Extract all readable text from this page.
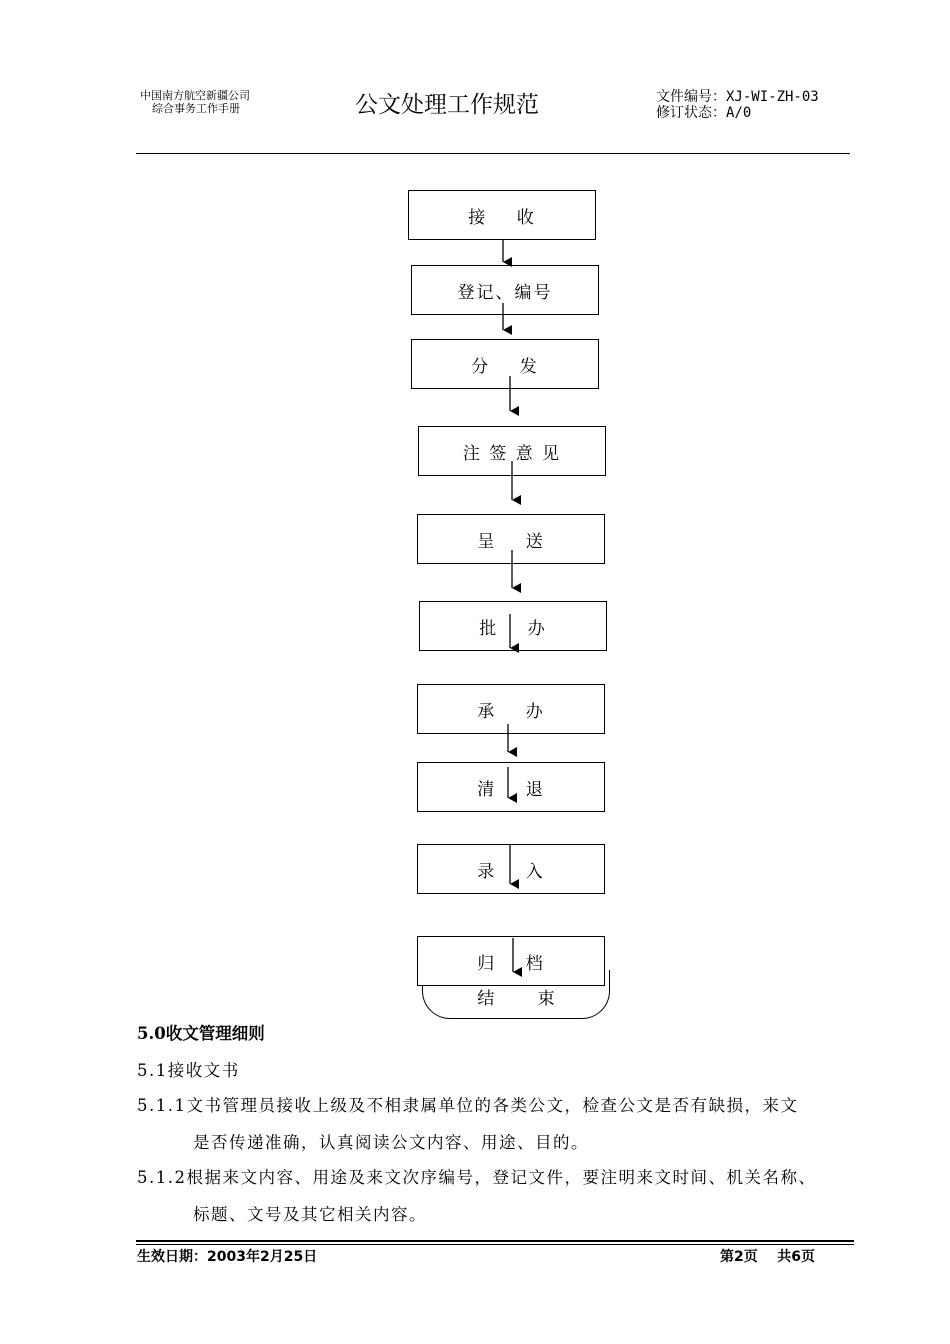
中国南方航空新疆公司
综合事务工作手册	公文处理工作规范	文件编号：XJ-WI-ZH-03
修订状态：A/0
接    收
登记、编号
分    发
注 签 意 见
呈    送
批    办
承    办
清    退
录    入
归    档
结        束
5.0收文管理细则
5.1接收文书
5.1.1文书管理员接收上级及不相隶属单位的各类公文，检查公文是否有缺损，来文
是否传递准确，认真阅读公文内容、用途、目的。
5.1.2根据来文内容、用途及来文次序编号，登记文件，要注明来文时间、机关名称、
标题、文号及其它相关内容。
生效日期：2003年2月25日	第2页    共6页
